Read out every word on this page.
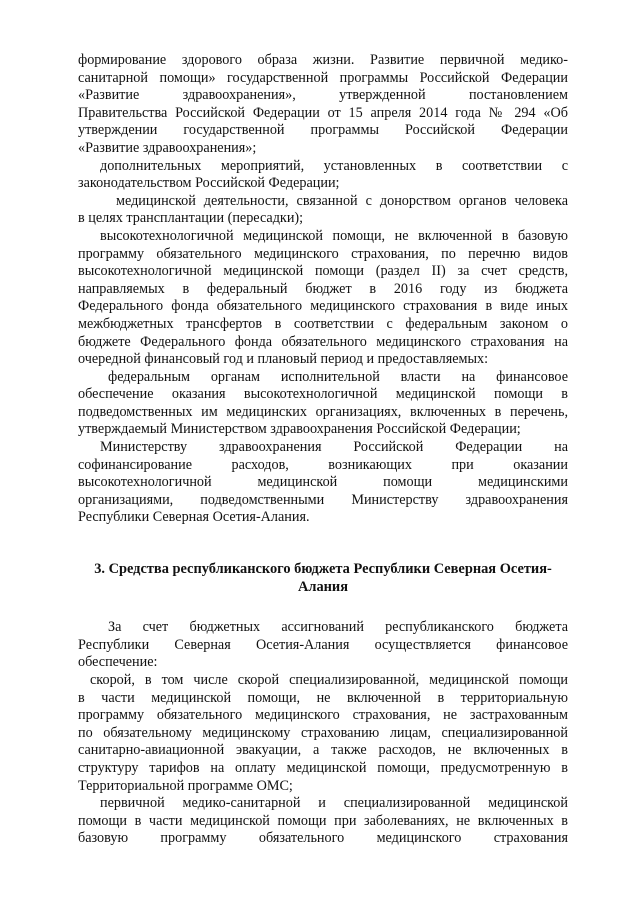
формирование здорового образа жизни. Развитие первичной медико-
санитарной помощи» государственной программы Российской Федерации
«Развитие здравоохранения», утвержденной постановлением
Правительства Российской Федерации от 15 апреля 2014 года № 294 «Об
утверждении государственной программы Российской Федерации
«Развитие здравоохранения»;
дополнительных мероприятий, установленных в соответствии с
законодательством Российской Федерации;
медицинской деятельности, связанной с донорством органов человека
в целях трансплантации (пересадки);
высокотехнологичной медицинской помощи, не включенной в базовую
программу обязательного медицинского страхования, по перечню видов
высокотехнологичной медицинской помощи (раздел II) за счет средств,
направляемых в федеральный бюджет в 2016 году из бюджета
Федерального фонда обязательного медицинского страхования в виде иных
межбюджетных трансфертов в соответствии с федеральным законом о
бюджете Федерального фонда обязательного медицинского страхования на
очередной финансовый год и плановый период и предоставляемых:
федеральным органам исполнительной власти на финансовое
обеспечение оказания высокотехнологичной медицинской помощи в
подведомственных им медицинских организациях, включенных в перечень,
утверждаемый Министерством здравоохранения Российской Федерации;
Министерству здравоохранения Российской Федерации на
софинансирование расходов, возникающих при оказании
высокотехнологичной медицинской помощи медицинскими
организациями, подведомственными Министерству здравоохранения
Республики Северная Осетия-Алания.
3. Средства республиканского бюджета Республики Северная Осетия-
Алания
За счет бюджетных ассигнований республиканского бюджета
Республики Северная Осетия-Алания осуществляется финансовое
обеспечение:
скорой, в том числе скорой специализированной, медицинской помощи
в части медицинской помощи, не включенной в территориальную
программу обязательного медицинского страхования, не застрахованным
по обязательному медицинскому страхованию лицам, специализированной
санитарно-авиационной эвакуации, а также расходов, не включенных в
структуру тарифов на оплату медицинской помощи, предусмотренную в
Территориальной программе ОМС;
первичной медико-санитарной и специализированной медицинской
помощи в части медицинской помощи при заболеваниях, не включенных в
базовую программу обязательного медицинского страхования
